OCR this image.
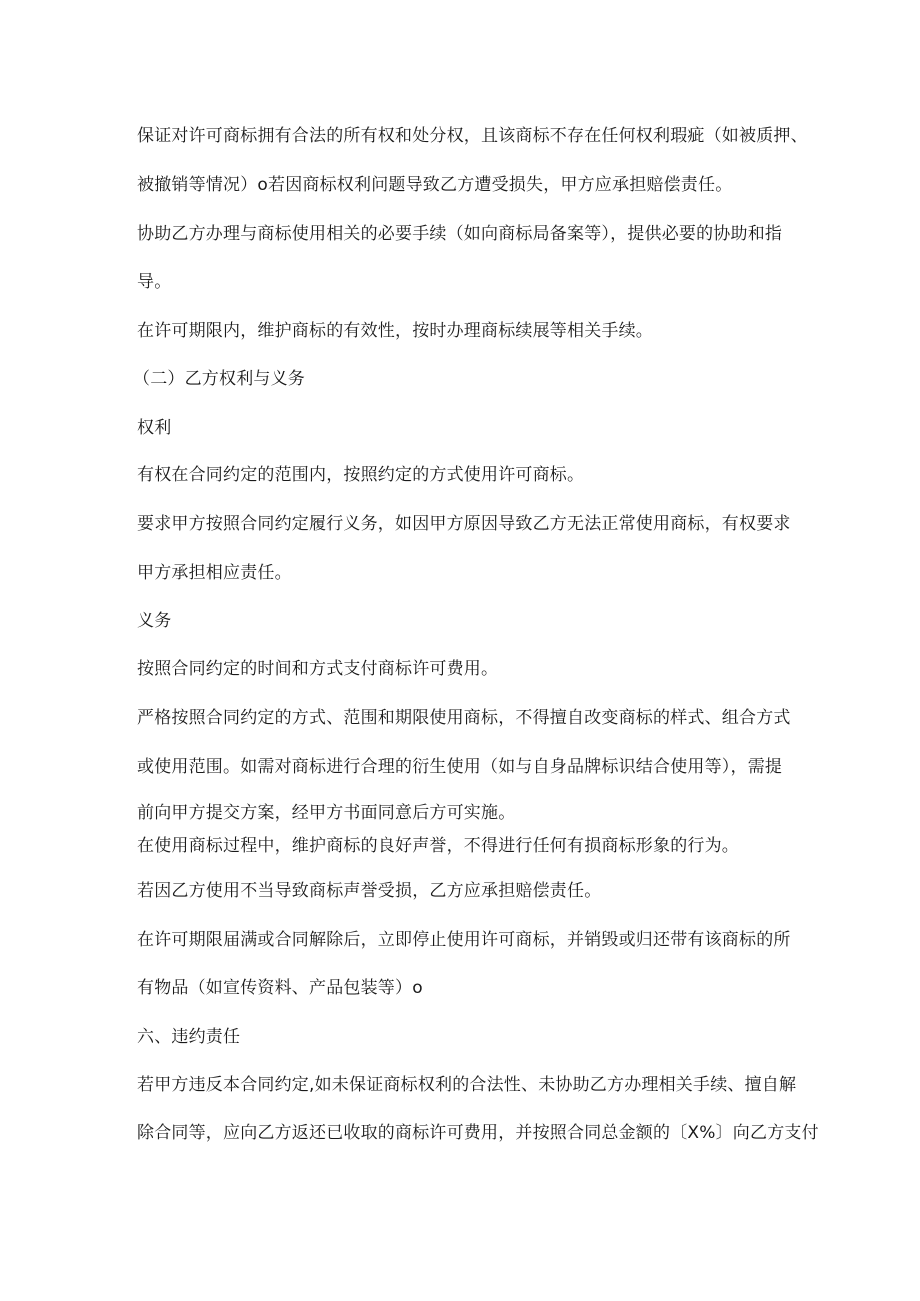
保证对许可商标拥有合法的所有权和处分权，且该商标不存在任何权利瑕疵（如被质押、
被撤销等情况）o若因商标权利问题导致乙方遭受损失，甲方应承担赔偿责任。
协助乙方办理与商标使用相关的必要手续（如向商标局备案等），提供必要的协助和指
导。
在许可期限内，维护商标的有效性，按时办理商标续展等相关手续。
（二）乙方权利与义务
权利
有权在合同约定的范围内，按照约定的方式使用许可商标。
要求甲方按照合同约定履行义务，如因甲方原因导致乙方无法正常使用商标，有权要求
甲方承担相应责任。
义务
按照合同约定的时间和方式支付商标许可费用。
严格按照合同约定的方式、范围和期限使用商标，不得擅自改变商标的样式、组合方式
或使用范围。如需对商标进行合理的衍生使用（如与自身品牌标识结合使用等），需提
前向甲方提交方案，经甲方书面同意后方可实施。
在使用商标过程中，维护商标的良好声誉，不得进行任何有损商标形象的行为。
若因乙方使用不当导致商标声誉受损，乙方应承担赔偿责任。
在许可期限届满或合同解除后，立即停止使用许可商标，并销毁或归还带有该商标的所
有物品（如宣传资料、产品包装等）o
六、违约责任
若甲方违反本合同约定,如未保证商标权利的合法性、未协助乙方办理相关手续、擅自解
除合同等，应向乙方返还已收取的商标许可费用，并按照合同总金额的〔X%〕向乙方支付
